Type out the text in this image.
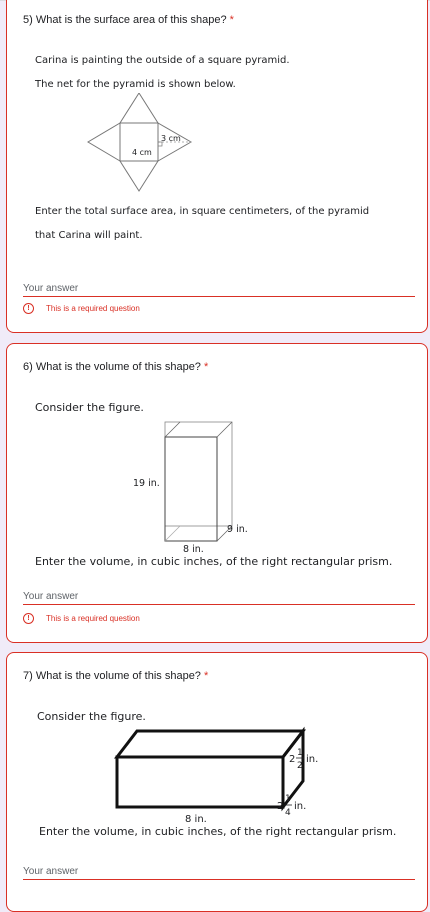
5) What is the surface area of this shape? *
Carina is painting the outside of a square pyramid.
The net for the pyramid is shown below.
4 cm
3 cm
Enter the total surface area, in square centimeters, of the pyramid
that Carina will paint.
Your answer
!	This is a required question
6) What is the volume of this shape? *
Consider the figure.
19 in.
9 in.
8 in.
Enter the volume, in cubic inches, of the right rectangular prism.
Your answer
!	This is a required question
7) What is the volume of this shape? *
Consider the figure.
2
1
2
in.
2
1
4
in.
8 in.
Enter the volume, in cubic inches, of the right rectangular prism.
Your answer
